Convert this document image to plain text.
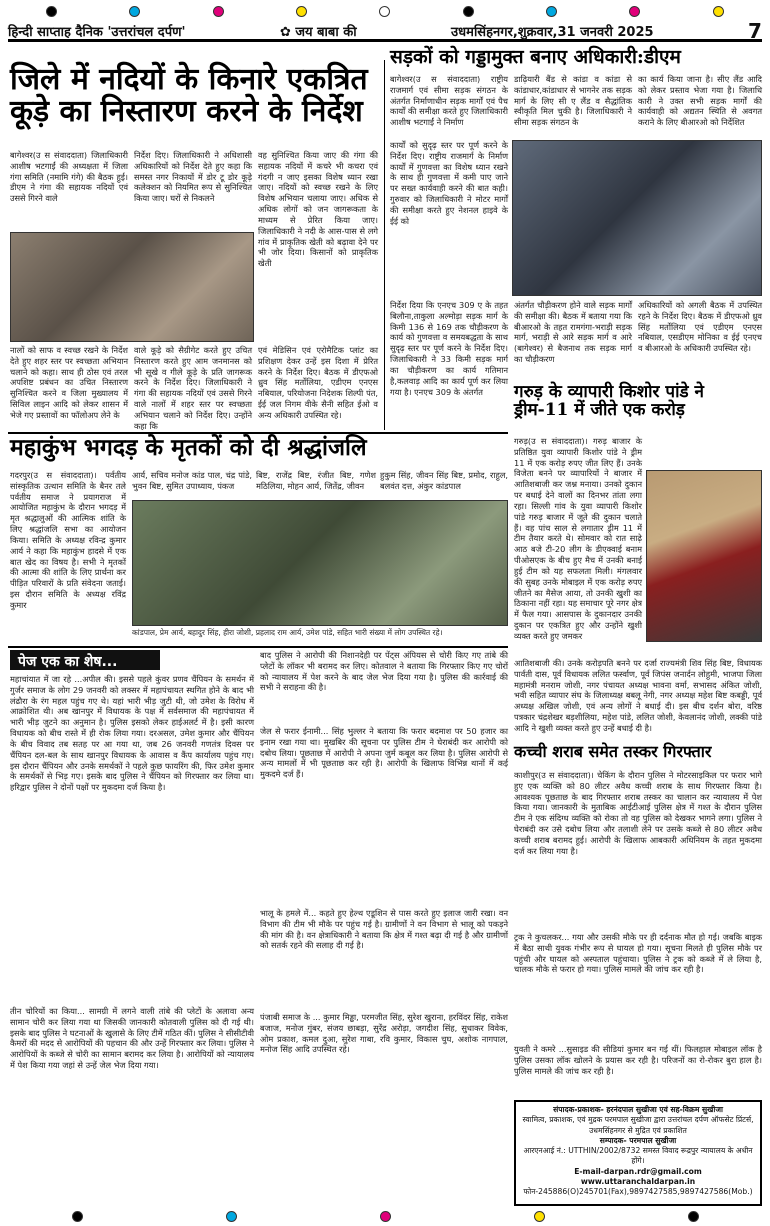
हिन्दी साप्ताह दैनिक 'उत्तरांचल दर्पण'	✿ जय बाबा की	उधमसिंहनगर,शुक्रवार,31 जनवरी 2025	7
जिले में नदियों के किनारे एकत्रित कूड़े का निस्तारण करने के निर्देश
बागेश्वर(उ स संवाददाता) जिलाधिकारी आशीष भटगाईं की अध्यक्षता में जिला गंगा समिति (नमामि गंगे) की बैठक हुई। डीएम ने गंगा की सहायक नदियों एवं उससे गिरने वाले
निर्देश दिए। जिलाधिकारी ने अधिशासी अधिकारियों को निर्देश देते हुए कहा कि समस्त नगर निकायों में डोर टू डोर कूड़े कलेक्शन को नियमित रूप से सुनिश्चित किया जाए। घरों से निकलने
वह सुनिश्चित किया जाए की गंगा की सहायक नदियों में कचरे भी कचरा एवं गंदगी न जाए इसका विशेष ध्यान रखा जाए। नदियों को स्वच्छ रखने के लिए विशेष अभियान चलाया जाए। अधिक से अधिक लोगों को जन जागरूकता के माध्यम से प्रेरित किया जाए। जिलाधिकारी ने नदी के आस-पास से लगे गांव में प्राकृतिक खेती को बढ़ावा देने पर भी जोर दिया। किसानों को प्राकृतिक खेती
नालों को साफ व स्वच्छ रखने के निर्देश देते हुए शहर स्तर पर स्वच्छता अभियान चलाने को कहा। साथ ही ठोस एवं तरल अपशिष्ट प्रबंधन का उचित निस्तारण सुनिश्चित करने व जिला मुख्यालय में सिविल लाइन आदि को लेकर शासन में भेजे गए प्रस्तावों का फॉलोअप लेने के
वाले कूड़े को सैग्रीगेट करते हुए उचित निस्तारण करते हुए आम जनमानस को भी सूखे व गीले कूड़े के प्रति जागरूक करने के निर्देश दिए। जिलाधिकारी ने गंगा की सहायक नदियों एवं उससे गिरने वाले नालों में शहर स्तर पर स्वच्छता अभियान चलाने को निर्देश दिए। उन्होंने कहा कि
एवं मेडिसिन एवं एरोमैटिक प्लांट का प्रशिक्षण देकर उन्हें इस दिशा में प्रेरित करने के निर्देश दिए। बैठक में डीएफओ ध्रुव सिंह मर्तोलिया, एडीएम एनएस नबियाल, परियोजना निदेशक शिल्पी पंत, ईई जल निगम वीके सैनी सहित ईओ व अन्य अधिकारी उपस्थित रहे।
सड़कों को गड्डामुक्त बनाए अधिकारी:डीएम
बागेश्वर(उ स संवाददाता) राष्ट्रीय राजमार्ग एवं सीमा सड़क संगठन के अंतर्गत निर्माणाधीन सड़क मार्गों एवं पैच कार्यों की समीक्षा करते हुए जिलाधिकारी आशीष भटगाईं ने निर्माण
डाढ़ियारी बैंड से कांडा व कांडा से कांडाधार,कांडाधार से भागनेर तक सड़क मार्ग के लिए सी ए लैंड व सैद्धांतिक स्वीकृति मिल चुकी है। जिलाधिकारी ने सीमा सड़क संगठन के
का कार्य किया जाना है। सीए लैंड आदि को लेकर प्रस्ताव भेजा गया है। जिलाधि कारी ने उक्त सभी सड़क मार्गों की कार्यवाही को अद्यतन स्थिति से अवगत कराने के लिए बीआरओ को निर्देशित
कार्यों को सुदृढ़ स्तर पर पूर्ण करने के निर्देश दिए। राष्ट्रीय राजमार्ग के निर्माण कार्यों में गुणवत्ता का विशेष ध्यान रखने के साथ ही गुणवत्ता में कमी पाए जाने पर सख्त कार्यवाही करने की बात कही। गुरुवार को जिलाधिकारी ने मोटर मार्गों की समीक्षा करते हुए नेशनल हाइवे के ईई को
निर्देश दिया कि एनएच 309 ए के तहत बिलौना,ताकुला अल्मोड़ा सड़क मार्ग के किमी 136 से 169 तक चौड़ीकरण के कार्य को गुणवत्ता व समयबद्धता के साथ सुदृढ़ स्तर पर पूर्ण करने के निर्देश दिए। जिलाधिकारी ने 33 किमी सड़क मार्ग का चौड़ीकरण का कार्य गतिमान है,कलवाड़ आदि का कार्य पूर्ण कर लिया गया है। एनएच 309 के अंतर्गत
अंतर्गत चौड़ीकरण होने वाले सड़क मार्गों की समीक्षा की। बैठक में बताया गया कि बीआरओ के तहत रामगंगा-भराड़ी सड़क मार्ग, भराड़ी से आरे सड़क मार्ग व आरे (बागेश्वर) से बैजनाथ तक सड़क मार्ग का चौड़ीकरण
अधिकारियों को अगली बैठक में उपस्थित रहने के निर्देश दिए। बैठक में डीएफओ ध्रुव सिंह मर्तोलिया एवं एडीएम एनएस नबियाल, एसडीएम मोनिका व ईई एनएच व बीआरओ के अधिकारी उपस्थित रहे।
गरुड़ के व्यापारी किशोर पांडे ने ड्रीम-11 में जीते एक करोड़
महाकुंभ भगदड़ के मृतकों को दी श्रद्धांजलि
गदरपुर(उ स संवाददाता)। पर्वतीय सांस्कृतिक उत्थान समिति के बैनर तले पर्वतीय समाज ने प्रयागराज में आयोजित महाकुंभ के दौरान भगदड़ में मृत श्रद्धालुओं की आत्मिक शांति के लिए श्रद्धांजलि सभा का आयोजन किया। समिति के अध्यक्ष रविन्द्र कुमार आर्य ने कहा कि महाकुंभ हादसे में एक बात खेद का विषय है। सभी ने मृतकों की आत्मा की शांति के लिए प्रार्थना कर पीड़ित परिवारों के प्रति संवेदना जताई। इस दौरान समिति के अध्यक्ष रविंद्र कुमार
आर्य, सचिव मनोज कांड पाल, चंद्र पांडे, भुवन बिष्ट, सुमित उपाध्याय, पंकज
बिष्ट, राजेंद्र बिष्ट, रंजीत बिष्ट, गणेश मठिलिया, मोहन आर्य, जितेंद्र, जीवन
हुकुम सिंह, जीवन सिंह बिष्ट, प्रमोद, राहुल, बलवंत दत्त, अंकुर कांडपाल
कांडपाल, प्रेम आर्य, बहादुर सिंह, हीरा जोशी, प्रहलाद राम आर्य, उमेश पांडे, सहित भारी संख्या में लोग उपस्थित रहे।
गरुड़(उ स संवाददाता)। गरुड़ बाजार के प्रतिष्ठित युवा व्यापारी किशोर पांडे ने ड्रीम 11 में एक करोड़ रुपए जीत लिए हैं। उनके विजेता बनने पर व्यापारियों ने बाजार में आतिशबाजी कर जश्न मनाया। उनको दुकान पर बधाई देने वालों का दिनभर तांता लगा रहा। सिल्ली गांव के युवा व्यापारी किशोर पांडे गरुड़ बाजार में जूते की दुकान चलाते हैं। वह पांच साल से लगातार ड्रीम 11 में टीम तैयार करते थे। सोमवार को रात साढ़े आठ बजे टी-20 लीग के डीएक्वाई बनाम पीओसएक के बीच हुए मैच में उनकी बनाई हुई टीम को यह सफलता मिली। मंगलवार की सुबह उनके मोबाइल में एक करोड़ रुपए जीतने का मैसेज आया, तो उनकी खुशी का ठिकाना नहीं रहा। यह समाचार पूरे नगर क्षेत्र में फैल गया। आसपास के दुकानदार उनकी दुकान पर एकत्रित हुए और उन्होंने खुशी व्यक्त करते हुए जमकर
आतिशबाजी की। उनके करोड़पति बनने पर दर्जा राज्यमंत्री शिव सिंह बिष्ट, विधायक पार्वती दास, पूर्व विधायक ललित फर्स्वाण, पूर्व जिपंस जनार्दन लोहुमी, भाजपा जिला महामंत्री मनराम जोशी, नगर पंचायत अध्यक्ष भावना वर्मा, सभासद अंकित जोशी, भवी सहित व्यापार संघ के जिलाध्यक्ष बबलू नेगी, नगर अध्यक्ष महेश बिष्ट कबड्डी, पूर्व अध्यक्ष अखिल जोशी, एवं अन्य लोगों ने बधाई दी। इस बीच दर्शन बोरा, वरिष्ठ पत्रकार चंद्रशेखर बड़शीलिया, महेश पांडे, ललित जोशी, केवलानंद जोशी, लक्की पांडे आदि ने खुशी व्यक्त करते हुए उन्हें बधाई दी है।
पेज एक का शेष...
महाचांयात में जा रहे ...अपील की। इससे पहले कुंवर प्रणव चैंपियन के समर्थन में गुर्जर समाज के लोग 29 जनवरी को लक्सर में महापंचायत स्थगित होने के बाद भी लंढौरा के रंग महल पहुंच गए थे। यहां भारी भीड़ जुटी थी, जो उमेश के विरोध में आक्रोशित थी। अब खानपुर में विधायक के पक्ष में सर्वसमाज की महापंचायत में भारी भीड़ जुटने का अनुमान है। पुलिस इसको लेकर हाईअलर्ट में है। इसी कारण विधायक को बीच रास्ते में ही रोक लिया गया। दरअसल, उमेश कुमार और चैंपियन के बीच विवाद तब सतह पर आ गया था, जब 26 जनवरी गणतंत्र दिवस पर चैंपियन दल-बल के साथ खानपुर विधायक के आवास व कैंप कार्यालय पहुंच गए। इस दौरान चैंपियन और उनके समर्थकों ने पहले कुछ फायरिंग की, फिर उमेश कुमार के समर्थकों से भिड़ गए। इसके बाद पुलिस ने चैंपियन को गिरफ्तार कर लिया था। हरिद्वार पुलिस ने दोनों पक्षों पर मुकदमा दर्ज किया है।
तीन चोरियों का किया... सामग्री में लगने वाली तांबे की प्लेटों के अलावा अन्य सामान चोरी कर लिया गया था जिसकी जानकारी कोतवाली पुलिस को दी गई थी। इसके बाद पुलिस ने घटनाओं के खुलासे के लिए टीमें गठित कीं। पुलिस ने सीसीटीवी कैमरों की मदद से आरोपियों की पहचान की और उन्हें गिरफ्तार कर लिया। पुलिस ने आरोपियों के कब्जे से चोरी का सामान बरामद कर लिया है। आरोपियों को न्यायालय में पेश किया गया जहां से उन्हें जेल भेज दिया गया।
बाद पुलिस ने आरोपी की निशानदेही पर पेंट्स अंपियस से चोरी किए गए तांबे की प्लेटों के लॉकर भी बरामद कर लिए। कोतवाल ने बताया कि गिरफ्तार किए गए चोरों को न्यायालय में पेश करने के बाद जेल भेज दिया गया है। पुलिस की कार्रवाई की सभी ने सराहना की है।
जेल से फरार ईनामी... सिंह भुल्लर ने बताया कि फरार बदमाश पर 50 हजार का इनाम रखा गया था। मुखबिर की सूचना पर पुलिस टीम ने घेराबंदी कर आरोपी को दबोच लिया। पूछताछ में आरोपी ने अपना जुर्म कबूल कर लिया है। पुलिस आरोपी से अन्य मामलों में भी पूछताछ कर रही है। आरोपी के खिलाफ विभिन्न थानों में कई मुकदमे दर्ज हैं।
भालू के हमले में... कहते हुए हेल्थ एडूशिन से पास करते हुए इलाज जारी रखा। वन विभाग की टीम भी मौके पर पहुंच गई है। ग्रामीणों ने वन विभाग से भालू को पकड़ने की मांग की है। वन क्षेत्राधिकारी ने बताया कि क्षेत्र में गश्त बढ़ा दी गई है और ग्रामीणों को सतर्क रहने की सलाह दी गई है।
पंजाबी समाज के ... कुमार मिड्ढा, परमजीत सिंह, सुरेश खुराना, हरविंदर सिंह, राकेश बजाज, मनोज गुंबर, संजय छाबड़ा, सुरेंद्र अरोड़ा, जगदीश सिंह, सुधाकर विवेक, ओम प्रकाश, कमल दुआ, सुरेश गाबा, रवि कुमार, विकास चुघ, अशोक नागपाल, मनोज सिंह आदि उपस्थित रहे।
कच्ची शराब समेत तस्कर गिरफ्तार
काशीपुर(उ स संवाददाता)। चेकिंग के दौरान पुलिस ने मोटरसाइकिल पर फरार भागे हुए एक व्यक्ति को 80 लीटर अवैध कच्ची शराब के साथ गिरफ्तार किया है। आवश्यक पूछताछ के बाद गिरफ्तार शराब तस्कर का चालान कर न्यायालय में पेश किया गया। जानकारी के मुताबिक आईटीआई पुलिस क्षेत्र में गश्त के दौरान पुलिस टीम ने एक संदिग्ध व्यक्ति को रोका तो वह पुलिस को देखकर भागने लगा। पुलिस ने घेराबंदी कर उसे दबोच लिया और तलाशी लेने पर उसके कब्जे से 80 लीटर अवैध कच्ची शराब बरामद हुई। आरोपी के खिलाफ आबकारी अधिनियम के तहत मुकदमा दर्ज कर लिया गया है।
ट्रक ने कुचलकर... गया और उसकी मौके पर ही दर्दनाक मौत हो गई। जबकि बाइक में बैठा साथी युवक गंभीर रूप से घायल हो गया। सूचना मिलते ही पुलिस मौके पर पहुंची और घायल को अस्पताल पहुंचाया। पुलिस ने ट्रक को कब्जे में ले लिया है, चालक मौके से फरार हो गया। पुलिस मामले की जांच कर रही है।
युवती ने कमरे ...सुसाइड की सीडियां कुमार बन गई थीं। फिलहाल मोबाइल लॉक है पुलिस उसका लॉक खोलने के प्रयास कर रही है। परिजनों का रो-रोकर बुरा हाल है। पुलिस मामले की जांच कर रही है।
संपादक-प्रकाशक- हरनंदपाल सुखीजा एवं सह-विक्रम सुखीजा
स्वामित्व, प्रकाशक, एवं मुद्रक परमपाल सुखीजा द्वारा उत्तरांचल दर्पण ऑफसेट प्रिंटर्स, उधमसिंहनगर से मुद्रित एवं प्रकाशित
सम्पादक- परमपाल सुखीजा
आरएनआई नं.: UTTHIN/2002/8732 समस्त विवाद रूद्रपुर न्यायालय के अधीन होंगे।
E-mail-darpan.rdr@gmail.com www.uttaranchaldarpan.in
फोन-245886(O)245701(Fax),9897427585,9897427586(Mob.)
